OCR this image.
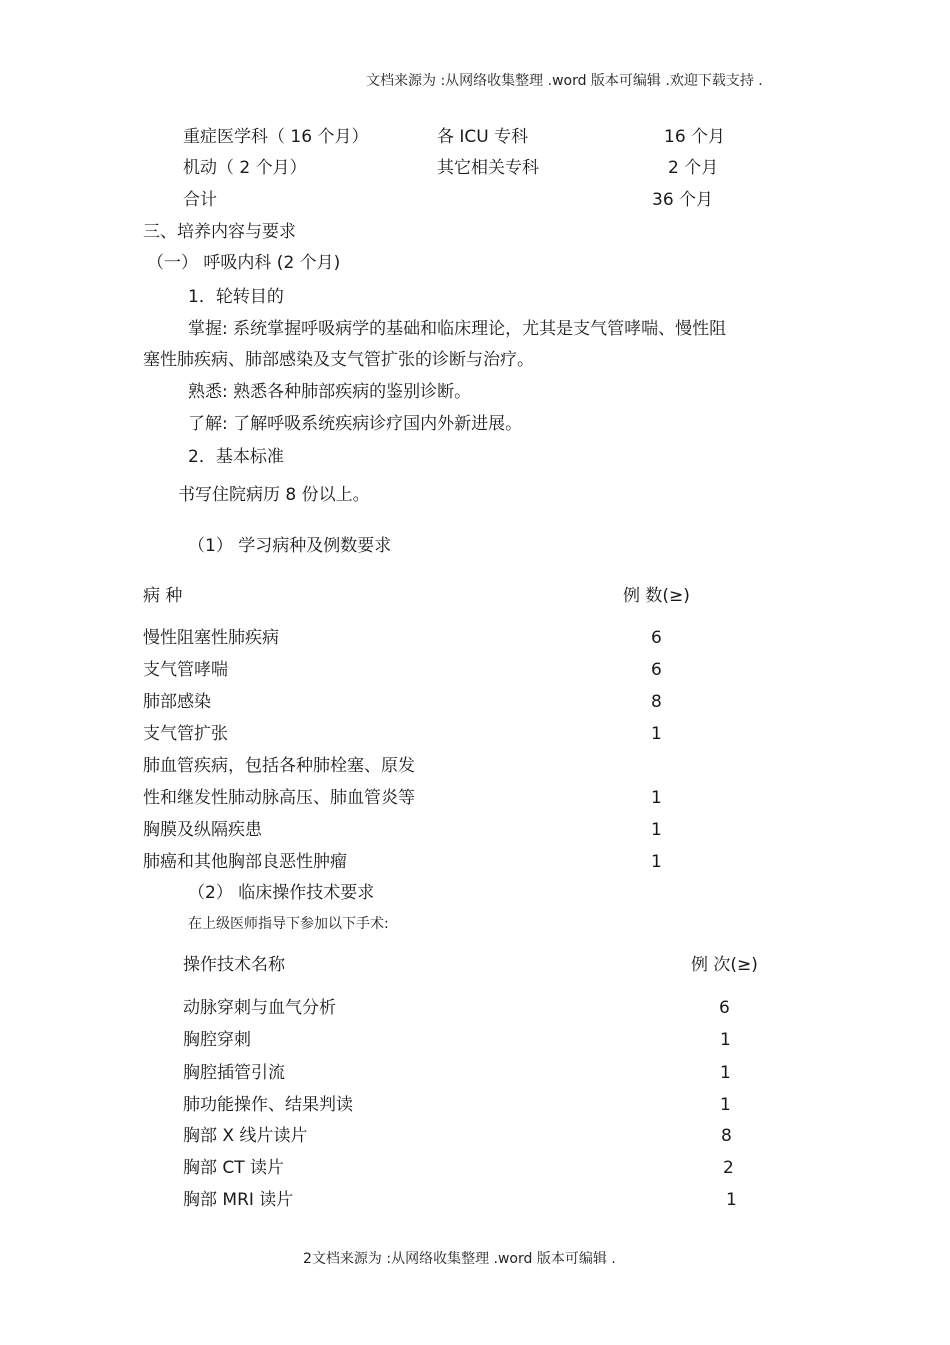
文档来源为 :从网络收集整理 .word 版本可编辑 .欢迎下载支持 .
重症医学科（ 16 个月）	各 ICU 专科	16 个月
机动（ 2 个月）	其它相关专科	2 个月
合计	36 个月
三、培养内容与要求
（一） 呼吸内科 (2 个月)
1．轮转目的
掌握: 系统掌握呼吸病学的基础和临床理论，尤其是支气管哮喘、慢性阻
塞性肺疾病、肺部感染及支气管扩张的诊断与治疗。
熟悉: 熟悉各种肺部疾病的鉴别诊断。
了解: 了解呼吸系统疾病诊疗国内外新进展。
2．基本标准
书写住院病历 8 份以上。
（1） 学习病种及例数要求
病 种	例 数(≥)
慢性阻塞性肺疾病	6
支气管哮喘	6
肺部感染	8
支气管扩张	1
肺血管疾病，包括各种肺栓塞、原发
性和继发性肺动脉高压、肺血管炎等	1
胸膜及纵隔疾患	1
肺癌和其他胸部良恶性肿瘤	1
（2） 临床操作技术要求
在上级医师指导下参加以下手术:
操作技术名称	例 次(≥)
动脉穿刺与血气分析	6
胸腔穿刺	1
胸腔插管引流	1
肺功能操作、结果判读	1
胸部 X 线片读片	8
胸部 CT 读片	2
胸部 MRI 读片	1
2文档来源为 :从网络收集整理 .word 版本可编辑 .
